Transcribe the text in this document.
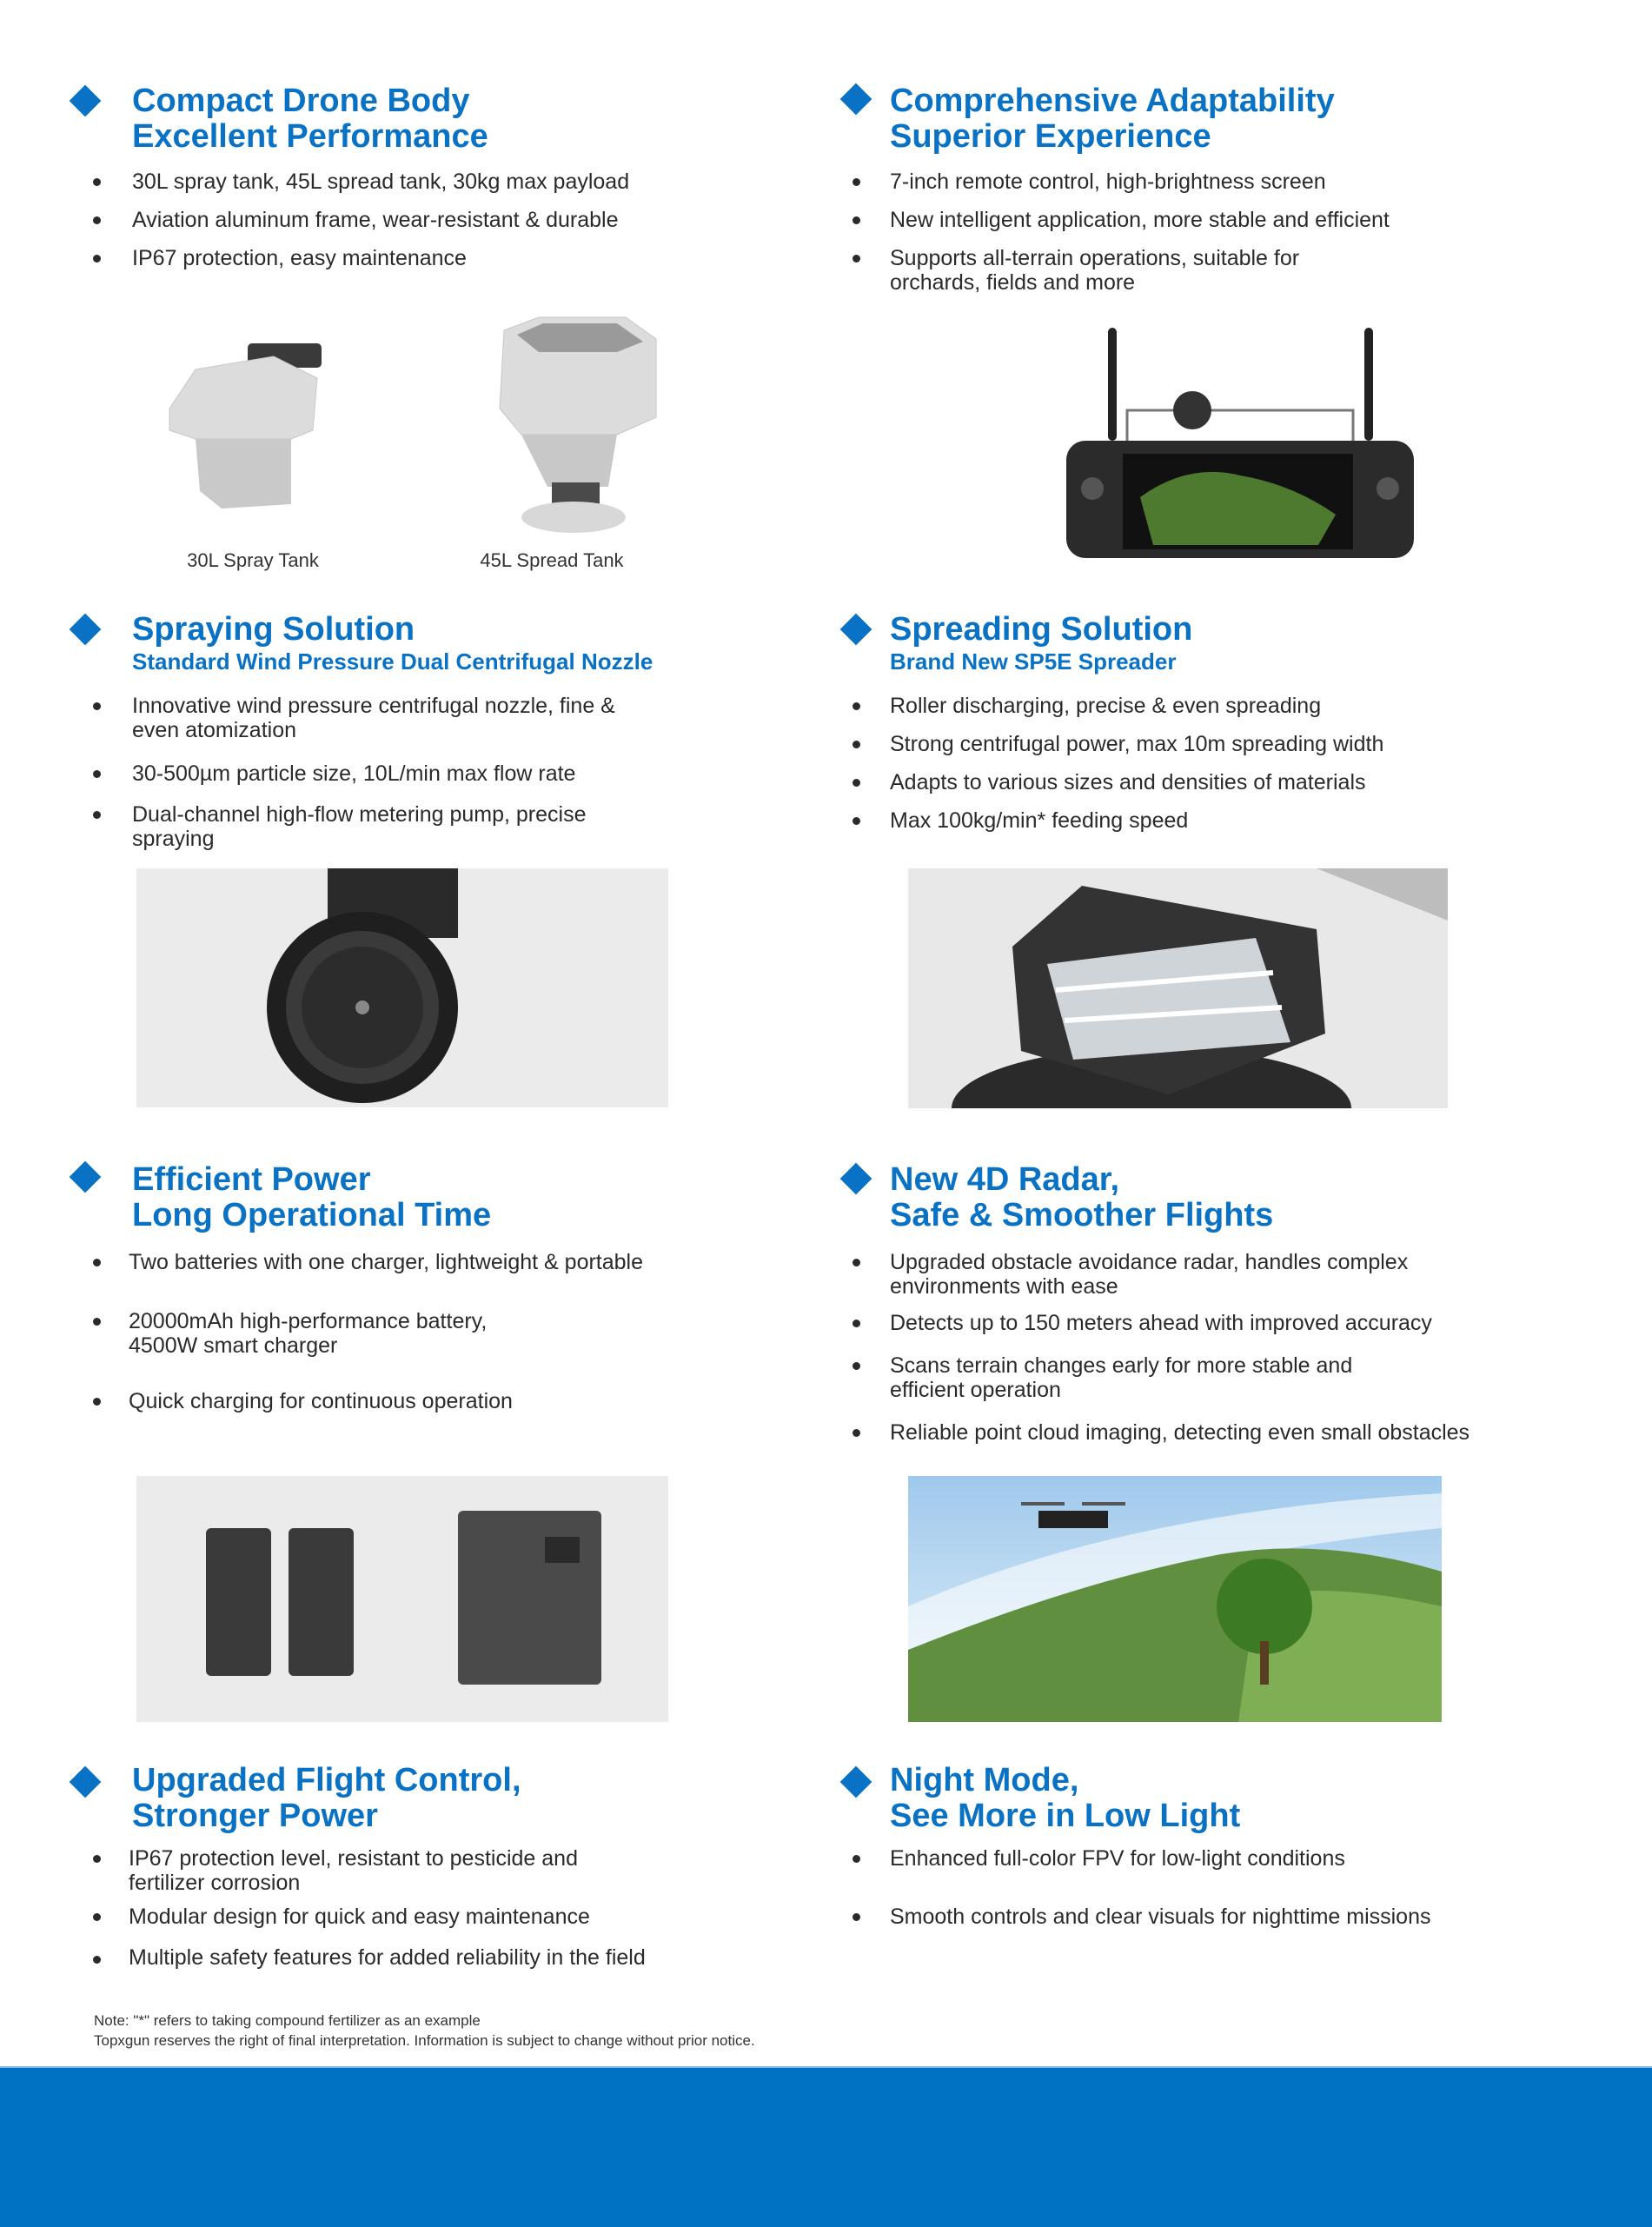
Compact Drone Body
Excellent Performance
30L spray tank, 45L spread tank, 30kg max payload
Aviation aluminum frame, wear-resistant & durable
IP67 protection, easy maintenance
30L Spray Tank	45L Spread Tank
Comprehensive Adaptability
Superior Experience
7-inch remote control, high-brightness screen
New intelligent application, more stable and efficient
Supports all-terrain operations, suitable for
orchards, fields and more
Spraying Solution
Standard Wind Pressure Dual Centrifugal Nozzle
Innovative wind pressure centrifugal nozzle, fine &
even atomization
30-500µm particle size, 10L/min max flow rate
Dual-channel high-flow metering pump, precise
spraying
Spreading Solution
Brand New SP5E Spreader
Roller discharging, precise & even spreading
Strong centrifugal power, max 10m spreading width
Adapts to various sizes and densities of materials
Max 100kg/min* feeding speed
Efficient Power
Long Operational Time
Two batteries with one charger, lightweight & portable
20000mAh high-performance battery,
4500W smart charger
Quick charging for continuous operation
New 4D Radar,
Safe & Smoother Flights
Upgraded obstacle avoidance radar, handles complex
environments with ease
Detects up to 150 meters ahead with improved accuracy
Scans terrain changes early for more stable and
efficient operation
Reliable point cloud imaging, detecting even small obstacles
Upgraded Flight Control,
Stronger Power
IP67 protection level, resistant to pesticide and
fertilizer corrosion
Modular design for quick and easy maintenance
Multiple safety features for added reliability in the field
Night Mode,
See More in Low Light
Enhanced full-color FPV for low-light conditions
Smooth controls and clear visuals for nighttime missions
Note: "*" refers to taking compound fertilizer as an example
Topxgun reserves the right of final interpretation. Information is subject to change without prior notice.
